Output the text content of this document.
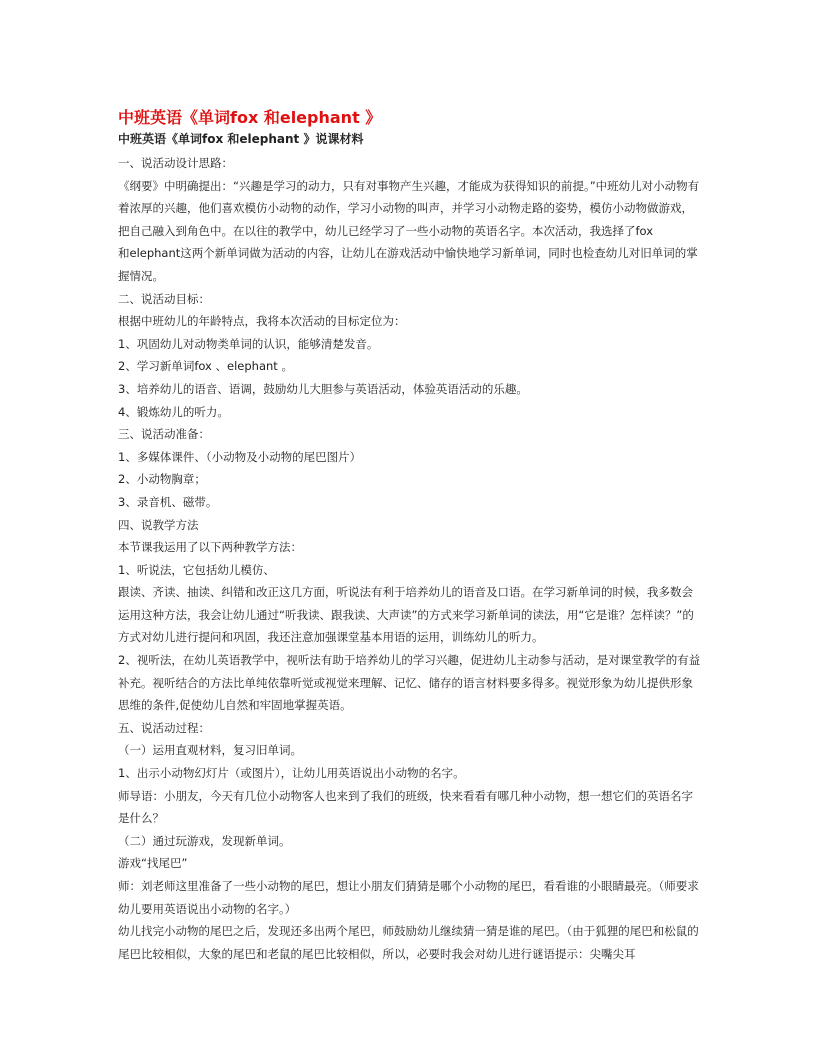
中班英语《单词fox 和elephant 》
中班英语《单词fox 和elephant 》说课材料

一、说活动设计思路：

《纲要》中明确提出：“兴趣是学习的动力，只有对事物产生兴趣，才能成为获得知识的前提。”中班幼儿对小动物有着浓厚的兴趣，他们喜欢模仿小动物的动作，学习小动物的叫声，并学习小动物走路的姿势，模仿小动物做游戏，把自己融入到角色中。在以往的教学中，幼儿已经学习了一些小动物的英语名字。本次活动，我选择了fox

和elephant这两个新单词做为活动的内容，让幼儿在游戏活动中愉快地学习新单词，同时也检查幼儿对旧单词的掌握情况。

二、说活动目标：

根据中班幼儿的年龄特点，我将本次活动的目标定位为：

1、巩固幼儿对动物类单词的认识，能够清楚发音。

2、学习新单词fox 、elephant 。

3、培养幼儿的语音、语调，鼓励幼儿大胆参与英语活动，体验英语活动的乐趣。

4、锻炼幼儿的听力。

三、说活动准备：

1、多媒体课件、（小动物及小动物的尾巴图片）

2、小动物胸章；

3、录音机、磁带。

四、说教学方法

本节课我运用了以下两种教学方法：

1、听说法，它包括幼儿模仿、

跟读、齐读、抽读、纠错和改正这几方面，听说法有利于培养幼儿的语音及口语。在学习新单词的时候，我多数会运用这种方法，我会让幼儿通过“听我读、跟我读、大声读”的方式来学习新单词的读法，用“它是谁？怎样读？”的方式对幼儿进行提问和巩固，我还注意加强课堂基本用语的运用，训练幼儿的听力。

2、视听法，在幼儿英语教学中，视听法有助于培养幼儿的学习兴趣，促进幼儿主动参与活动，是对课堂教学的有益补充。视听结合的方法比单纯依靠听觉或视觉来理解、记忆、储存的语言材料要多得多。视觉形象为幼儿提供形象思维的条件,促使幼儿自然和牢固地掌握英语。

五、说活动过程：

（一）运用直观材料，复习旧单词。

1、出示小动物幻灯片（或图片），让幼儿用英语说出小动物的名字。

师导语：小朋友，今天有几位小动物客人也来到了我们的班级，快来看看有哪几种小动物，想一想它们的英语名字是什么？

（二）通过玩游戏，发现新单词。

游戏“找尾巴”

师：刘老师这里准备了一些小动物的尾巴，想让小朋友们猜猜是哪个小动物的尾巴，看看谁的小眼睛最亮。（师要求幼儿要用英语说出小动物的名字。）

幼儿找完小动物的尾巴之后，发现还多出两个尾巴，师鼓励幼儿继续猜一猜是谁的尾巴。（由于狐狸的尾巴和松鼠的尾巴比较相似，大象的尾巴和老鼠的尾巴比较相似，所以，必要时我会对幼儿进行谜语提示：尖嘴尖耳
